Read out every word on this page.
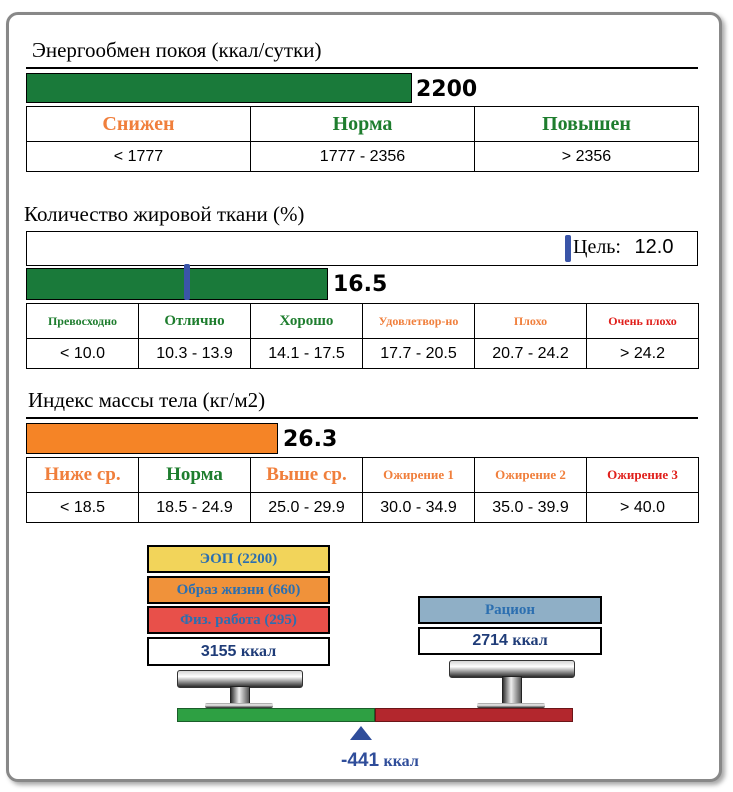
Энергообмен покоя (ккал/сутки)
2200
Снижен	Норма	Повышен
< 1777	1777 - 2356	> 2356
Количество жировой ткани (%)
Цель: 12.0
16.5
Превосходно	Отлично	Хорошо	Удовлетвор-но	Плохо	Очень плохо
< 10.0	10.3 - 13.9	14.1 - 17.5	17.7 - 20.5	20.7 - 24.2	> 24.2
Индекс массы тела (кг/м2)
26.3
Ниже ср.	Норма	Выше ср.	Ожирение 1	Ожирение 2	Ожирение 3
< 18.5	18.5 - 24.9	25.0 - 29.9	30.0 - 34.9	35.0 - 39.9	> 40.0
ЭОП (2200)
Образ жизни (660)
Физ. работа (295)
3155 ккал
Рацион
2714 ккал
-441 ккал
